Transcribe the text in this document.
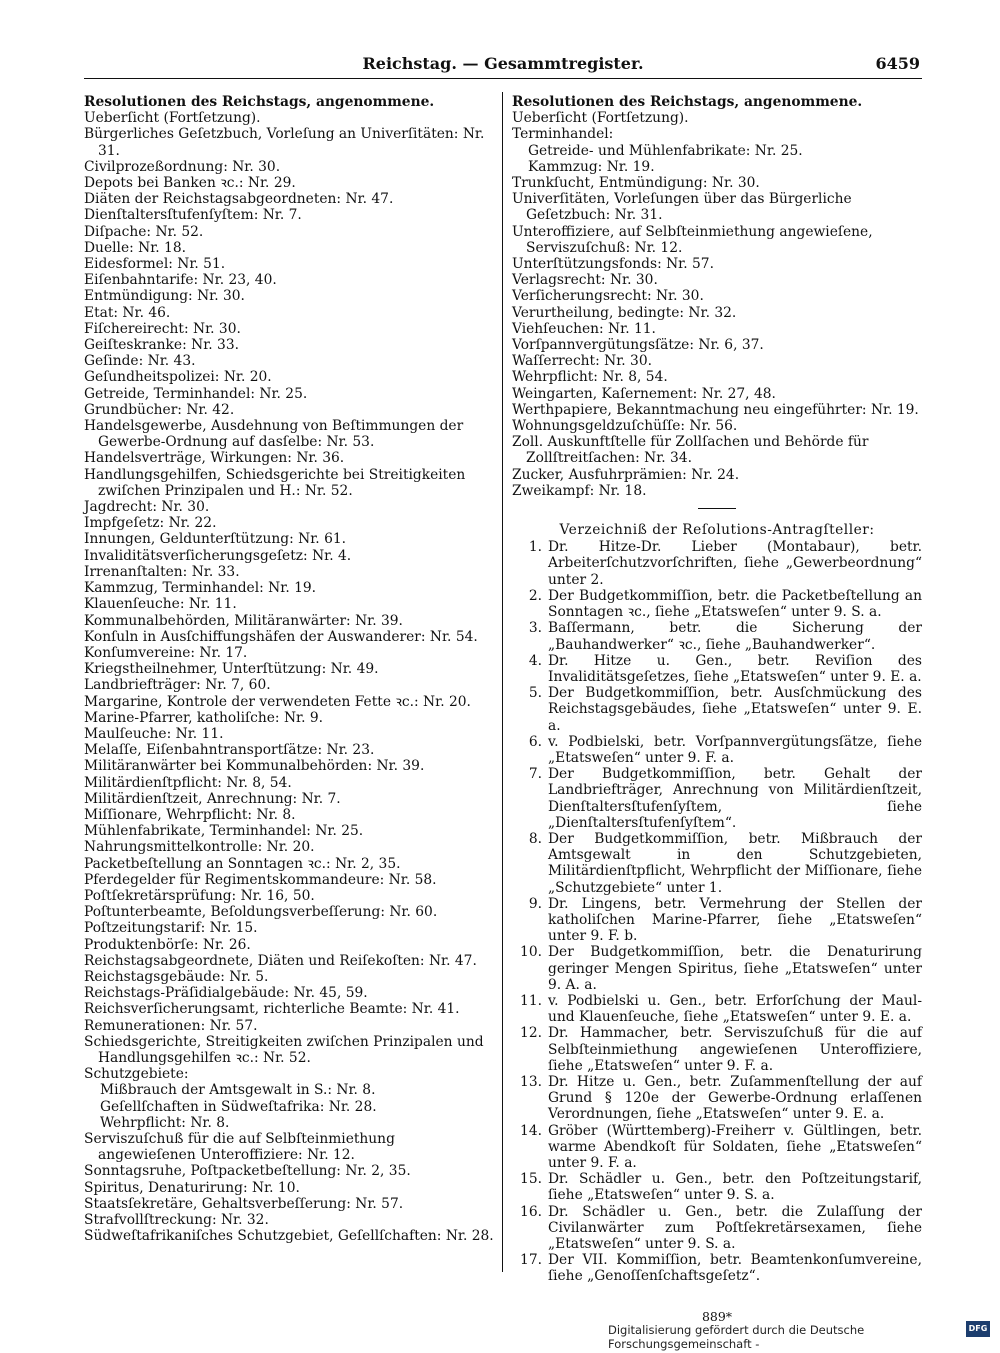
Reichstag. — Gesammtregister.	6459

Resolutionen des Reichstags, angenommene. Ueberſicht (Fortſetzung).

Bürgerliches Geſetzbuch, Vorleſung an Univerſitäten: Nr. 31.

Civilprozeßordnung: Nr. 30.

Depots bei Banken ꝛc.: Nr. 29.

Diäten der Reichstagsabgeordneten: Nr. 47.

Dienſtaltersſtufenſyſtem: Nr. 7.

Diſpache: Nr. 52.

Duelle: Nr. 18.

Eidesformel: Nr. 51.

Eiſenbahntarife: Nr. 23, 40.

Entmündigung: Nr. 30.

Etat: Nr. 46.

Fiſchereirecht: Nr. 30.

Geiſteskranke: Nr. 33.

Geſinde: Nr. 43.

Geſundheitspolizei: Nr. 20.

Getreide, Terminhandel: Nr. 25.

Grundbücher: Nr. 42.

Handelsgewerbe, Ausdehnung von Beſtimmungen der Gewerbe-Ordnung auf dasſelbe: Nr. 53.

Handelsverträge, Wirkungen: Nr. 36.

Handlungsgehilfen, Schiedsgerichte bei Streitigkeiten zwiſchen Prinzipalen und H.: Nr. 52.

Jagdrecht: Nr. 30.

Impfgeſetz: Nr. 22.

Innungen, Geldunterſtützung: Nr. 61.

Invaliditätsverſicherungsgeſetz: Nr. 4.

Irrenanſtalten: Nr. 33.

Kammzug, Terminhandel: Nr. 19.

Klauenſeuche: Nr. 11.

Kommunalbehörden, Militäranwärter: Nr. 39.

Konſuln in Ausſchiffungshäfen der Auswanderer: Nr. 54.

Konſumvereine: Nr. 17.

Kriegstheilnehmer, Unterſtützung: Nr. 49.

Landbriefträger: Nr. 7, 60.

Margarine, Kontrole der verwendeten Fette ꝛc.: Nr. 20.

Marine-Pfarrer, katholiſche: Nr. 9.

Maulſeuche: Nr. 11.

Melaſſe, Eiſenbahntransportſätze: Nr. 23.

Militäranwärter bei Kommunalbehörden: Nr. 39.

Militärdienſtpflicht: Nr. 8, 54.

Militärdienſtzeit, Anrechnung: Nr. 7.

Miſſionare, Wehrpflicht: Nr. 8.

Mühlenfabrikate, Terminhandel: Nr. 25.

Nahrungsmittelkontrolle: Nr. 20.

Packetbeſtellung an Sonntagen ꝛc.: Nr. 2, 35.

Pferdegelder für Regimentskommandeure: Nr. 58.

Poſtſekretärsprüfung: Nr. 16, 50.

Poſtunterbeamte, Beſoldungsverbeſſerung: Nr. 60.

Poſtzeitungstarif: Nr. 15.

Produktenbörſe: Nr. 26.

Reichstagsabgeordnete, Diäten und Reiſekoſten: Nr. 47.

Reichstagsgebäude: Nr. 5.

Reichstags-Präſidialgebäude: Nr. 45, 59.

Reichsverſicherungsamt, richterliche Beamte: Nr. 41.

Remunerationen: Nr. 57.

Schiedsgerichte, Streitigkeiten zwiſchen Prinzipalen und Handlungsgehilfen ꝛc.: Nr. 52.

Schutzgebiete:

Mißbrauch der Amtsgewalt in S.: Nr. 8.

Geſellſchaften in Südweſtafrika: Nr. 28.

Wehrpflicht: Nr. 8.

Serviszuſchuß für die auf Selbſteinmiethung angewieſenen Unteroffiziere: Nr. 12.

Sonntagsruhe, Poſtpacketbeſtellung: Nr. 2, 35.

Spiritus, Denaturirung: Nr. 10.

Staatsſekretäre, Gehaltsverbeſſerung: Nr. 57.

Strafvollſtreckung: Nr. 32.

Südweſtafrikaniſches Schutzgebiet, Geſellſchaften: Nr. 28.

Resolutionen des Reichstags, angenommene. Ueberſicht (Fortſetzung).

Terminhandel:

Getreide- und Mühlenfabrikate: Nr. 25.

Kammzug: Nr. 19.

Trunkſucht, Entmündigung: Nr. 30.

Univerſitäten, Vorleſungen über das Bürgerliche Geſetzbuch: Nr. 31.

Unteroffiziere, auf Selbſteinmiethung angewieſene, Serviszuſchuß: Nr. 12.

Unterſtützungsfonds: Nr. 57.

Verlagsrecht: Nr. 30.

Verſicherungsrecht: Nr. 30.

Verurtheilung, bedingte: Nr. 32.

Viehſeuchen: Nr. 11.

Vorſpannvergütungsſätze: Nr. 6, 37.

Waſſerrecht: Nr. 30.

Wehrpflicht: Nr. 8, 54.

Weingarten, Kaſernement: Nr. 27, 48.

Werthpapiere, Bekanntmachung neu eingeführter: Nr. 19.

Wohnungsgeldzuſchüſſe: Nr. 56.

Zoll. Auskunftſtelle für Zollſachen und Behörde für Zollſtreitſachen: Nr. 34.

Zucker, Ausfuhrprämien: Nr. 24.

Zweikampf: Nr. 18.

Verzeichniß der Reſolutions-Antragſteller:

1. Dr. Hitze-Dr. Lieber (Montabaur), betr. Arbeiterſchutzvorſchriften, ſiehe „Gewerbeordnung“ unter 2.
2. Der Budgetkommiſſion, betr. die Packetbeſtellung an Sonntagen ꝛc., ſiehe „Etatsweſen“ unter 9. S. a.
3. Baſſermann, betr. die Sicherung der „Bauhandwerker“ ꝛc., ſiehe „Bauhandwerker“.
4. Dr. Hitze u. Gen., betr. Reviſion des Invaliditätsgeſetzes, ſiehe „Etatsweſen“ unter 9. E. a.
5. Der Budgetkommiſſion, betr. Ausſchmückung des Reichstagsgebäudes, ſiehe „Etatsweſen“ unter 9. E. a.
6. v. Podbielski, betr. Vorſpannvergütungsſätze, ſiehe „Etatsweſen“ unter 9. F. a.
7. Der Budgetkommiſſion, betr. Gehalt der Landbriefträger, Anrechnung von Militärdienſtzeit, Dienſtaltersſtufenſyſtem, ſiehe „Dienſtaltersſtufenſyſtem“.
8. Der Budgetkommiſſion, betr. Mißbrauch der Amtsgewalt in den Schutzgebieten, Militärdienſtpflicht, Wehrpflicht der Miſſionare, ſiehe „Schutzgebiete“ unter 1.
9. Dr. Lingens, betr. Vermehrung der Stellen der katholiſchen Marine-Pfarrer, ſiehe „Etatsweſen“ unter 9. F. b.
10. Der Budgetkommiſſion, betr. die Denaturirung geringer Mengen Spiritus, ſiehe „Etatsweſen“ unter 9. A. a.
11. v. Podbielski u. Gen., betr. Erforſchung der Maul- und Klauenſeuche, ſiehe „Etatsweſen“ unter 9. E. a.
12. Dr. Hammacher, betr. Serviszuſchuß für die auf Selbſteinmiethung angewieſenen Unteroffiziere, ſiehe „Etatsweſen“ unter 9. F. a.
13. Dr. Hitze u. Gen., betr. Zuſammenſtellung der auf Grund § 120e der Gewerbe-Ordnung erlaſſenen Verordnungen, ſiehe „Etatsweſen“ unter 9. E. a.
14. Gröber (Württemberg)-Freiherr v. Gültlingen, betr. warme Abendkoſt für Soldaten, ſiehe „Etatsweſen“ unter 9. F. a.
15. Dr. Schädler u. Gen., betr. den Poſtzeitungstarif, ſiehe „Etatsweſen“ unter 9. S. a.
16. Dr. Schädler u. Gen., betr. die Zulaſſung der Civilanwärter zum Poſtſekretärsexamen, ſiehe „Etatsweſen“ unter 9. S. a.
17. Der VII. Kommiſſion, betr. Beamtenkonſumvereine, ſiehe „Genoſſenſchaftsgeſetz“.
889*
Digitalisierung gefördert durch die Deutsche Forschungsgemeinschaft -
DFG
